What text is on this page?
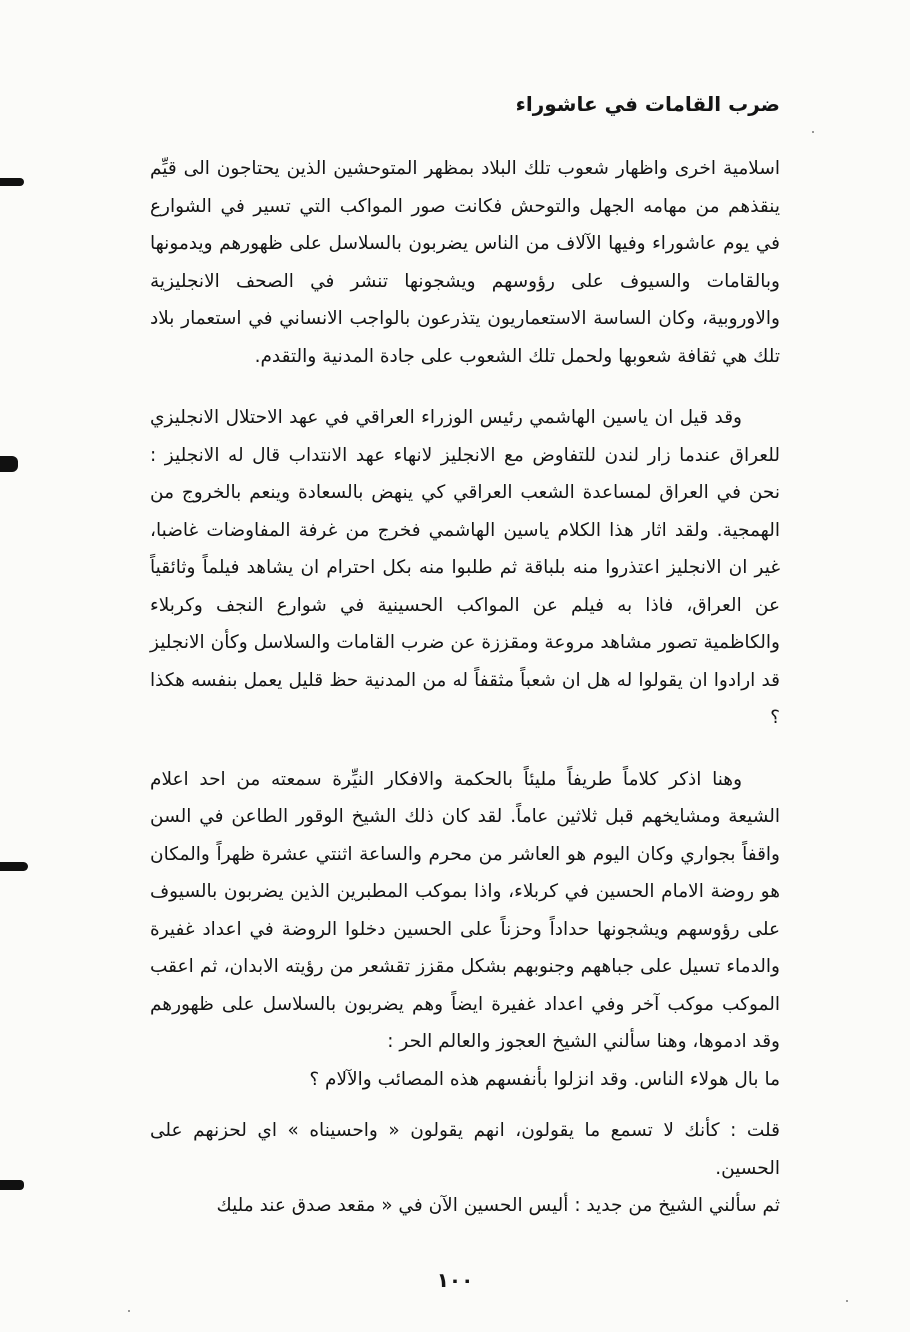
ضرب القامات في عاشوراء

اسلامية اخرى واظهار شعوب تلك البلاد بمظهر المتوحشين الذين يحتاجون الى قيِّم ينقذهم من مهامه الجهل والتوحش فكانت صور المواكب التي تسير في الشوارع في يوم عاشوراء وفيها الآلاف من الناس يضربون بالسلاسل على ظهورهم ويدمونها وبالقامات والسيوف على رؤوسهم ويشجونها تنشر في الصحف الانجليزية والاوروبية، وكان الساسة الاستعماريون يتذرعون بالواجب الانساني في استعمار بلاد تلك هي ثقافة شعوبها ولحمل تلك الشعوب على جادة المدنية والتقدم.

وقد قيل ان ياسين الهاشمي رئيس الوزراء العراقي في عهد الاحتلال الانجليزي للعراق عندما زار لندن للتفاوض مع الانجليز لانهاء عهد الانتداب قال له الانجليز : نحن في العراق لمساعدة الشعب العراقي كي ينهض بالسعادة وينعم بالخروج من الهمجية. ولقد اثار هذا الكلام ياسين الهاشمي فخرج من غرفة المفاوضات غاضبا، غير ان الانجليز اعتذروا منه بلباقة ثم طلبوا منه بكل احترام ان يشاهد فيلماً وثائقياً عن العراق، فاذا به فيلم عن المواكب الحسينية في شوارع النجف وكربلاء والكاظمية تصور مشاهد مروعة ومقززة عن ضرب القامات والسلاسل وكأن الانجليز قد ارادوا ان يقولوا له هل ان شعباً مثقفاً له من المدنية حظ قليل يعمل بنفسه هكذا ؟

وهنا اذكر كلاماً طريفاً مليئاً بالحكمة والافكار النيِّرة سمعته من احد اعلام الشيعة ومشايخهم قبل ثلاثين عاماً. لقد كان ذلك الشيخ الوقور الطاعن في السن واقفاً بجواري وكان اليوم هو العاشر من محرم والساعة اثنتي عشرة ظهراً والمكان هو روضة الامام الحسين في كربلاء، واذا بموكب المطبرين الذين يضربون بالسيوف على رؤوسهم ويشجونها حداداً وحزناً على الحسين دخلوا الروضة في اعداد غفيرة والدماء تسيل على جباههم وجنوبهم بشكل مقزز تقشعر من رؤيته الابدان، ثم اعقب الموكب موكب آخر وفي اعداد غفيرة ايضاً وهم يضربون بالسلاسل على ظهورهم وقد ادموها، وهنا سألني الشيخ العجوز والعالم الحر :

ما بال هولاء الناس. وقد انزلوا بأنفسهم هذه المصائب والآلام ؟

قلت : كأنك لا تسمع ما يقولون، انهم يقولون « واحسيناه » اي لحزنهم على الحسين.

ثم سألني الشيخ من جديد : أليس الحسين الآن في « مقعد صدق عند مليك

١٠٠
